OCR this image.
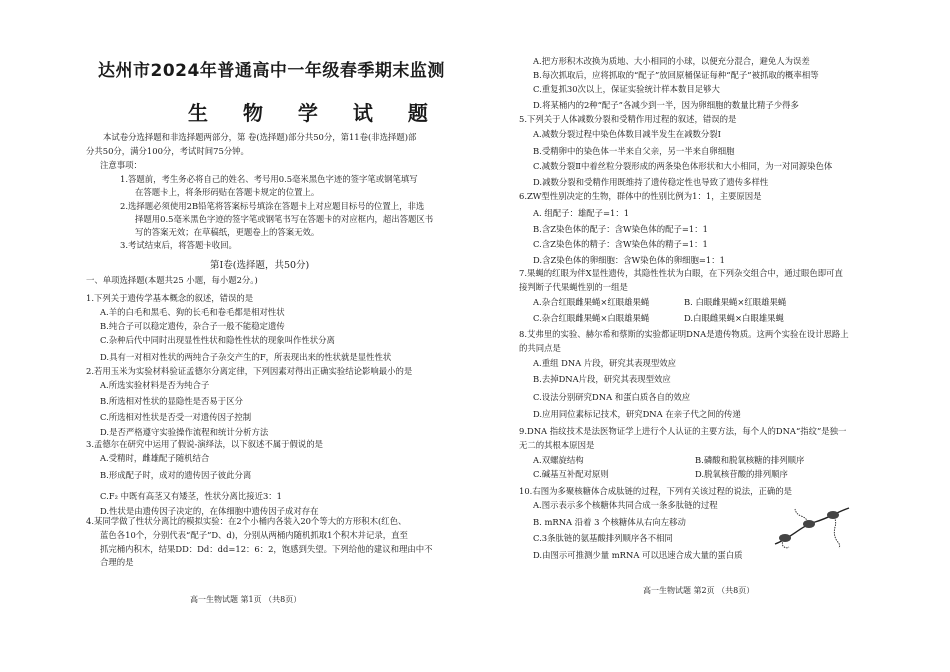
达州市2024年普通高中一年级春季期末监测
生 物 学 试 题
本试卷分选择题和非选择题两部分，第 卷(选择题)部分共50分，第11卷(非选择题)部
分共50分，满分100分，考试时间75分钟。
注意事项：
1.答题前，考生务必将自己的姓名、考号用0.5毫米黑色字迹的签字笔或钢笔填写
在答题卡上，将条形码贴在答题卡规定的位置上。
2.选择题必须使用2B铅笔将答案标号填涂在答题卡上对应题目标号的位置上，非选
择题用0.5毫米黑色字迹的签字笔或钢笔书写在答题卡的对应框内，超出答题区书
写的答案无效；在草稿纸，更题卷上的答案无效。
3.考试结束后，将答题卡收回。
第Ⅰ卷(选择题，共50分)
一、单项选择题(本题共25 小题，每小题2分。)
1.下列关于遗传学基本概念的叙述，错误的是
A.羊的白毛和黑毛、狗的长毛和卷毛都是相对性状
B.纯合子可以稳定遗传，杂合子一般不能稳定遗传
C.杂种后代中同时出现显性性状和隐性性状的现象叫作性状分离
D.具有一对相对性状的两纯合子杂交产生的F，所表现出来的性状就是显性性状
2.若用玉米为实验材料验证孟德尔分离定律，下列因素对得出正确实验结论影响最小的是
A.所选实验材料是否为纯合子
B.所选相对性状的显隐性是否易于区分
C.所选相对性状是否受一对遗传因子控制
D.是否严格遵守实验操作流程和统计分析方法
3.孟德尔在研究中运用了假说-演绎法，以下叙述不属于假说的是
A.受精时，雌雄配子随机结合
B.形成配子时，成对的遗传因子彼此分离
C.F₂ 中既有高茎又有矮茎，性状分离比接近3：1
D.性状是由遗传因子决定的，在体细胞中遗传因子成对存在
4.某同学做了性状分离比的模拟实验：在2个小桶内各装入20个等大的方形积木(红色、
蓝色各10个，分别代表“配子”D、d)，分别从两桶内随机抓取1个积木并记录，直至
抓完桶内积木，结果DD：Dd：dd=12：6：2，饱感到失望。下列给他的建议和理由中不
合理的是
高一生物试题 第1页 （共8页）
A.把方形积木改换为质地、大小相同的小球，以便充分混合，避免人为误差
B.每次抓取后，应将抓取的“配子”放回原桶保证每种“配子”被抓取的概率相等
C.重复抓30次以上，保证实验统计样本数目足够大
D.将某桶内的2种“配子”各减少到一半，因为卵细胞的数量比精子少得多
5.下列关于人体减数分裂和受精作用过程的叙述，错误的是
A.减数分裂过程中染色体数目减半发生在减数分裂Ⅰ
B.受精卵中的染色体一半来自父亲，另一半来自卵细胞
C.减数分裂Ⅱ中着丝粒分裂形成的两条染色体形状和大小相同，为一对同源染色体
D.减数分裂和受精作用既维持了遗传稳定性也导致了遗传多样性
6.ZW型性别决定的生物，群体中的性别比例为1：1，主要原因是
A. 组配子：雄配子=1：1
B.含Z染色体的配子：含W染色体的配子=1：1
C.含Z染色体的精子：含W染色体的精子=1：1
D.含Z染色体的卵细胞：含W染色体的卵细胞=1：1
7.果蝇的红眼为伴X显性遗传，其隐性性状为白眼，在下列杂交组合中，通过眼色即可直
接判断子代果蝇性别的一组是
A.杂合红眼雌果蝇×红眼雄果蝇	B. 白眼雌果蝇×红眼雄果蝇
C.杂合红眼雌果蝇×白眼雄果蝇	D.白眼雌果蝇×白眼雄果蝇
8.艾弗里的实验、赫尔希和蔡斯的实验都证明DNA是遗传物质。这两个实验在设计思路上
的共同点是
A.重组 DNA 片段，研究其表现型效应
B.去掉DNA片段，研究其表现型效应
C.设法分别研究DNA 和蛋白质各自的效应
D.应用同位素标记技术，研究DNA 在亲子代之间的传递
9.DNA 指纹技术是法医物证学上进行个人认证的主要方法，每个人的DNA“指纹”是独一
无二的其根本原因是
A.双螺旋结构	B.磷酸和脱氧核糖的排列顺序
C.碱基互补配对原则	D.脱氧核苷酸的排列顺序
10.右图为多聚核糖体合成肽链的过程，下列有关该过程的说法，正确的是
A.图示表示多个核糖体共同合成一条多肽链的过程
B. mRNA 沿着 3 个核糖体从右向左移动
C.3条肽链的氨基酸排列顺序各不相同
D.由图示可推测少量 mRNA 可以迅速合成大量的蛋白质
高一生物试题 第2页 （共8页）
